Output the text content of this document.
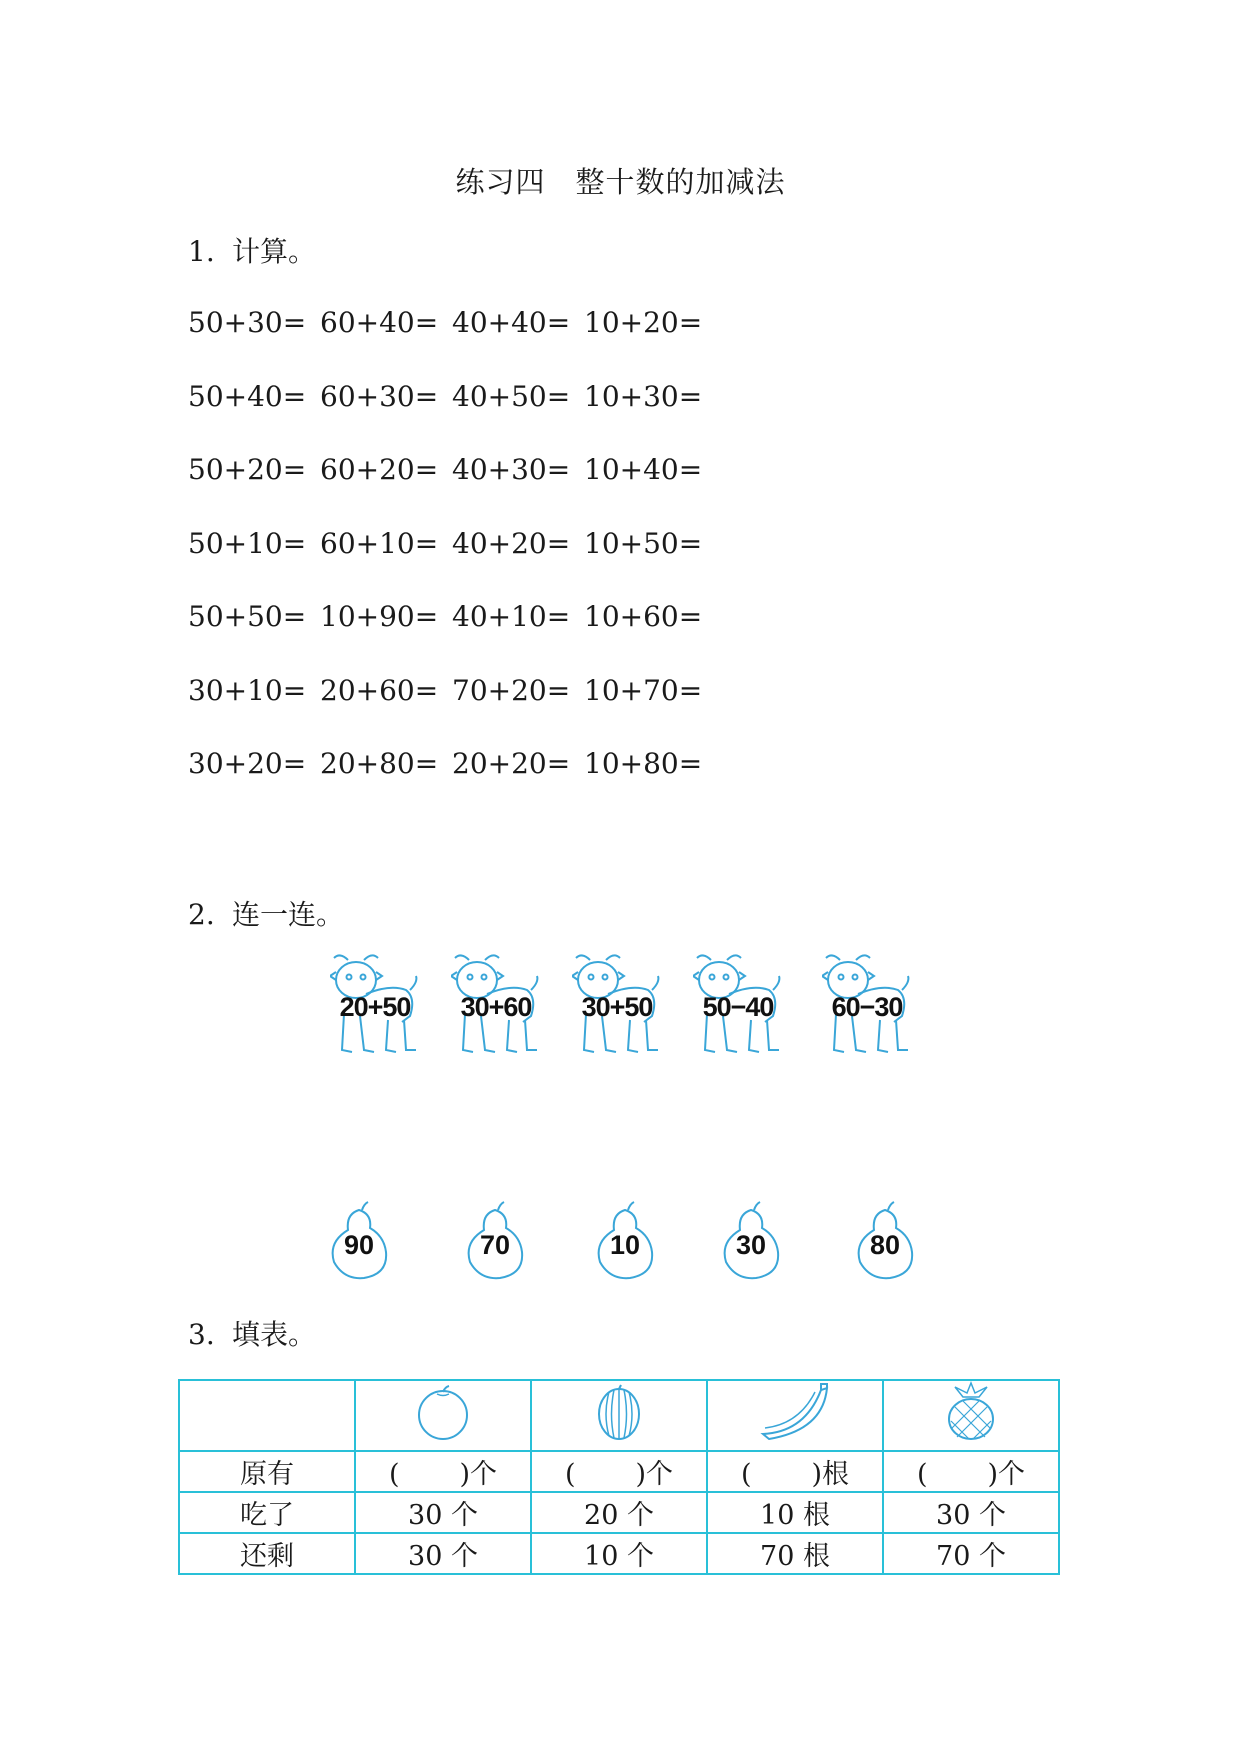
练习四 整十数的加减法
1. 计算。
50+30= 60+40= 40+40= 10+20=
50+40= 60+30= 40+50= 10+30=
50+20= 60+20= 40+30= 10+40=
50+10= 60+10= 40+20= 10+50=
50+50= 10+90= 40+10= 10+60=
30+10= 20+60= 70+20= 10+70=
30+20= 20+80= 20+20= 10+80=
2. 连一连。
20+50	30+60	30+50	50−40	60−30
90	70	10	30	80
3. 填表。

原有	( )个	( )个	( )根	( )个
吃了	30 个	20 个	10 根	30 个
还剩	30 个	10 个	70 根	70 个
